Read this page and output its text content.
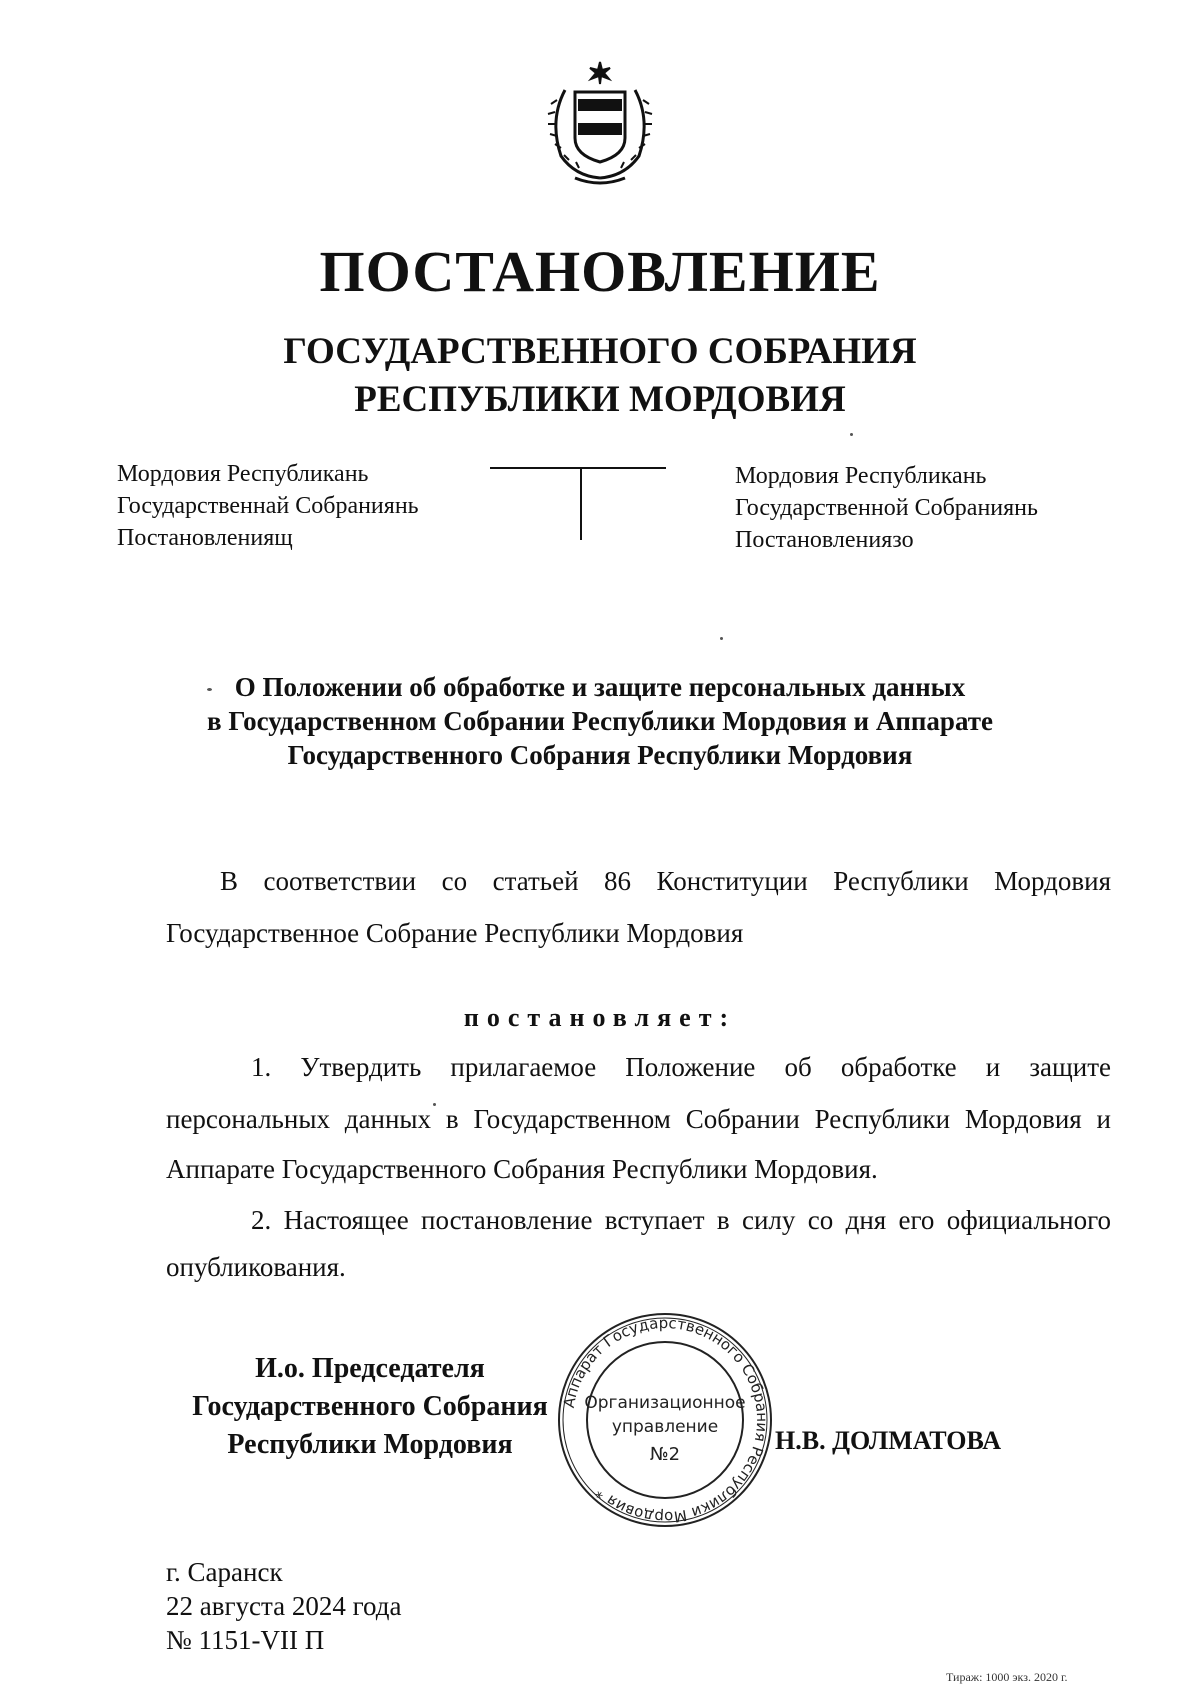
ПОСТАНОВЛЕНИЕ
ГОСУДАРСТВЕННОГО СОБРАНИЯ
РЕСПУБЛИКИ МОРДОВИЯ
Мордовия Республикань
Государственнай Собраниянь
Постановлениящ
Мордовия Республикань
Государственной Собраниянь
Постановлениязо
О Положении об обработке и защите персональных данных
в Государственном Собрании Республики Мордовия и Аппарате
Государственного Собрания Республики Мордовия
В соответствии со статьей 86 Конституции Республики Мордовия
Государственное Собрание Республики Мордовия
постановляет:
1. Утвердить прилагаемое Положение об обработке и защите
персональных данных в Государственном Собрании Республики Мордовия и
Аппарате Государственного Собрания Республики Мордовия.
2. Настоящее постановление вступает в силу со дня его официального
опубликования.
И.о. Председателя
Государственного Собрания
Республики Мордовия
Аппарат Государственного Собрания Республики Мордовия *
Организационное
управление
№2	Н.В. ДОЛМАТОВА
г. Саранск
22 августа 2024 года
№ 1151-VII П
Тираж: 1000 экз. 2020 г.
